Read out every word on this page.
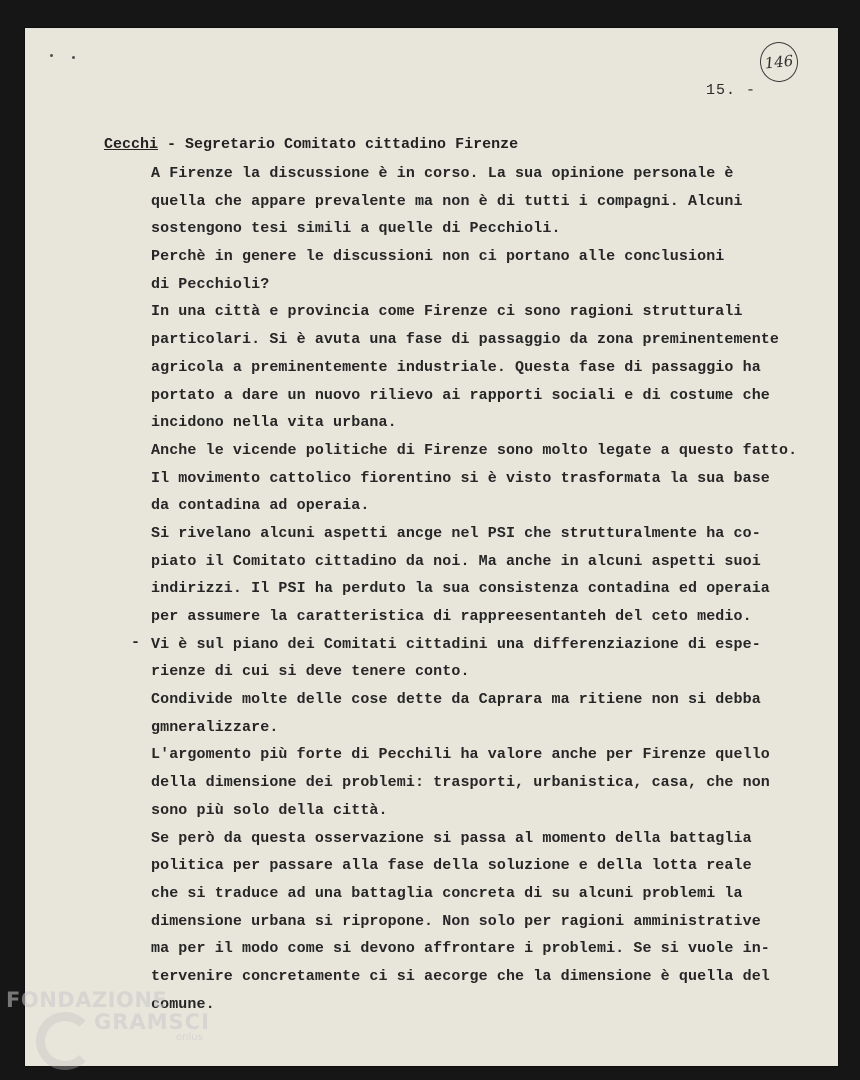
146
15. -
Cecchi - Segretario Comitato cittadino Firenze
-
A Firenze la discussione è in corso. La sua opinione personale è
quella che appare prevalente ma non è di tutti i compagni. Alcuni
sostengono tesi simili a quelle di Pecchioli.
Perchè in genere le discussioni non ci portano alle conclusioni
di Pecchioli?
In una città e provincia come Firenze ci sono ragioni strutturali
particolari. Si è avuta una fase di passaggio da zona preminentemente
agricola a preminentemente industriale. Questa fase di passaggio ha
portato a dare un nuovo rilievo ai rapporti sociali e di costume che
incidono nella vita urbana.
Anche le vicende politiche di Firenze sono molto legate a questo fatto.
Il movimento cattolico fiorentino si è visto trasformata la sua base
da contadina ad operaia.
Si rivelano alcuni aspetti ancge nel PSI che strutturalmente ha co-
piato il Comitato cittadino da noi. Ma anche in alcuni aspetti suoi
indirizzi. Il PSI ha perduto la sua consistenza contadina ed operaia
per assumere la caratteristica di rappreesentanteh del ceto medio.
Vi è sul piano dei Comitati cittadini una differenziazione di espe-
rienze di cui si deve tenere conto.
Condivide molte delle cose dette da Caprara ma ritiene non si debba
gmneralizzare.
L'argomento più forte di Pecchili ha valore anche per Firenze quello
della dimensione dei problemi: trasporti, urbanistica, casa, che non
sono più solo della città.
Se però da questa osservazione si passa al momento della battaglia
politica per passare alla fase della soluzione e della lotta reale
che si traduce ad una battaglia concreta di su alcuni problemi la
dimensione urbana si ripropone. Non solo per ragioni amministrative
ma per il modo come si devono affrontare i problemi. Se si vuole in-
tervenire concretamente ci si aecorge che la dimensione è quella del
comune.
FONDAZIONE
GRAMSCI
onlus
